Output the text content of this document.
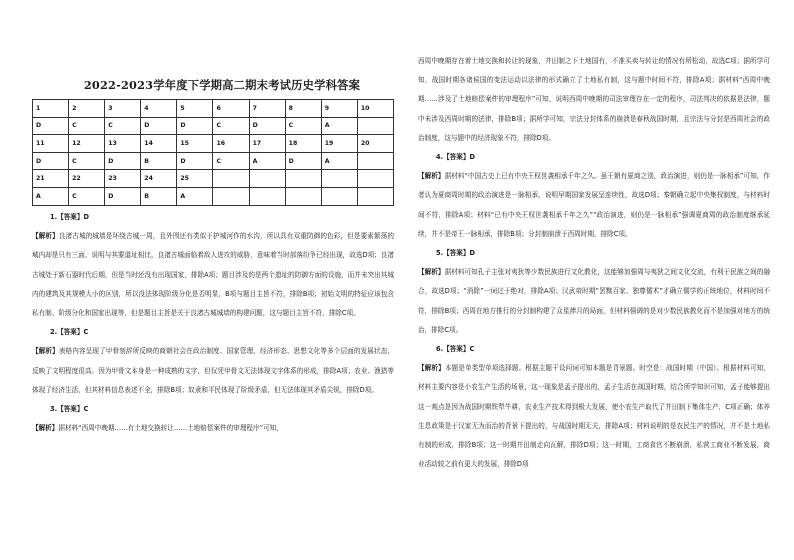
2022-2023学年度下学期高二期末考试历史学科答案
1	2	3	4	5	6	7	8	9	10
D	C	C	D	D	C	D	C	A	
11	12	13	14	15	16	17	18	19	20
D	C	D	B	D	C	A	D	A	
21	22	23	24	25					
A	C	D	B	A					

1.【答案】D

【解析】良渚古城的城墙是环绕古城一周，且外围还有类似于护城河作的水沟，所以具有双重防御的色彩，但是要素繁荡的城内却是只有三面，说明与其要道址相比，良渚古城面临着敌人进攻的威胁，意味着当时部落纷争已经出现，故选D项；良渚古城处于新石器时代后期，但是当时还没有出现国家，排除A项；题目涉及的是两个遗址的防御方面的设施，而并未突出其城内的建筑及其规模大小的区别，所以没法体现阶级分化是否明显，B项与题目主旨不符，排除B项；初始文明的特征应该包含私有制、阶级分化和国家出现等，但是题目主旨是关于良渚古城城墙的构建问题，这与题目主旨不符，排除C项。

2.【答案】C

【解析】表格内容呈现了甲骨刻辞所反映的商朝社会在政治制度、国家管理、经济形态、思想文化等多个层面的发展状态，反映了文明程度很高。因为甲骨文本身是一种成熟的文字，但仅凭甲骨文无法体现文字体系的形成，排除A项；农业、渔猎等体现了经济生活，但其材料信息表述不全，排除B项；奴隶和平民体现了阶级矛盾，但无法体现其矛盾尖锐，排除D项。

3.【答案】C

【解析】据材料“西周中晚期……有土地交换转让……土地赔偿案件的审理程序”可知，

西周中晚期存在着土地交换和转让的现象，井田制之下土地国有，不准买卖与转让的情况有所松动，故选C项；据所学可知，战国时期各诸侯国的变法运动以法律的形式确立了土地私有制，这与题中时间不符，排除A项；据材料“西周中晚期……涉及了土地赔偿案件的审理程序”可知，说明西周中晚期的司法审理存在一定的程序，司法判决的依据是法律，题中未涉及西周时期的法律，排除B项；据所学可知，宗法分封体系的崩溃是春秋战国时期，且宗法与分封是西周社会的政治制度，这与题中的经济现象不符，排除D项。

4.【答案】D

【解析】据材料“中国古史上已有中央王权世袭相承千年之久。虽王朝有夏商之别，政治演进，则仍是一脉相承”可知，作者认为夏商周时期的政治演进是一脉相承，说明早期国家发展呈连续性，故选D项；秦朝确立起中央集权制度，与材料时间不符，排除A项；材料“已有中央王权世袭相承千年之久”“政治演进，则仍是一脉相承”强调夏商周的政治制度继承延续，并不是帝王一脉相承，排除B项；分封制崩溃于西周时期，排除C项。

5.【答案】D

【解析】据材料可知孔子主张对夷狄等少数民族进行文化教化，这能够加强周与夷狄之间文化交流，有利于民族之间的融合，故选D项；“消除”一词过于绝对，排除A项；汉武帝时期“罢黜百家、独尊儒术”才确立儒学的正统地位，材料时间不符，排除B项；西周在地方推行的分封制构建了众星捧月的局面，但材料强调的是对少数民族教化而不是加强对地方的统治，排除C项。

6.【答案】C

【解析】本题是单类型单项选择题。根据主题干设问词可知本题是背景题。时空是：战国时期（中国）。根据材料可知，材料主要内容是小农生产生活的场景，这一现象是孟子提出的，孟子生活在战国时期，结合所学知识可知，孟子能够提出这一观点是因为战国时期铁犁牛耕，农业生产技术得到极大发展，使小农生产取代了井田制下集体生产，C项正确；体养生息政策是于汉家无为而治的背景下提出的，与战国时期无关，排除A项；材料说明的是农民生产的情况，并不是土地私有制的形成，排除B项；这一时期井田制走向瓦解，排除D项；这一时期，工商食官不断崩溃，私营工商业不断发展，商业活动较之前有更大的发展，排除D项
